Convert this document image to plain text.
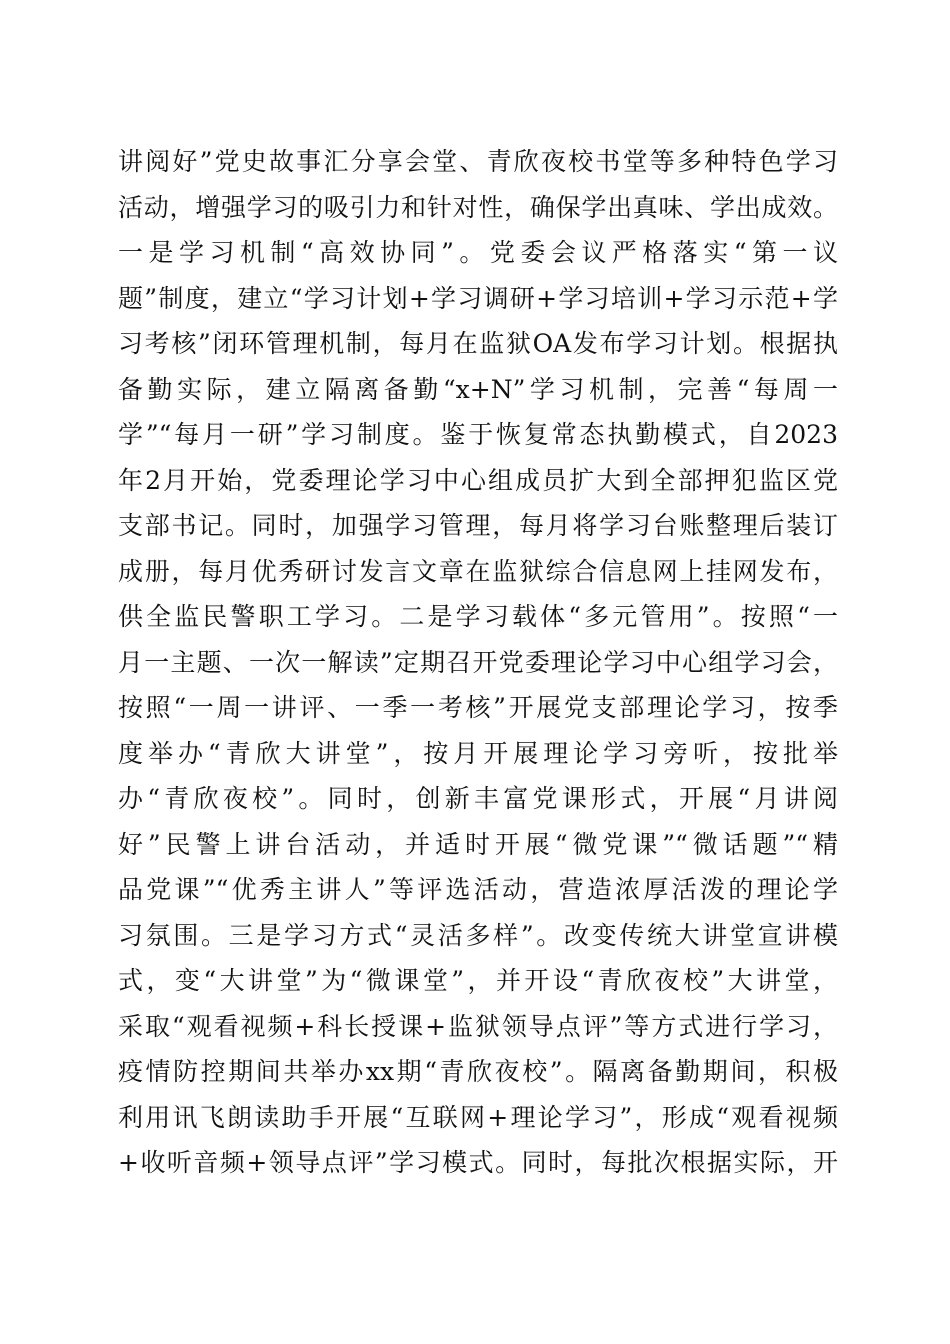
讲阅好”党史故事汇分享会堂、青欣夜校书堂等多种特色学习
活动，增强学习的吸引力和针对性，确保学出真味、学出成效。
一是学习机制“高效协同”。党委会议严格落实“第一议
题”制度，建立“学习计划+学习调研+学习培训+学习示范+学
习考核”闭环管理机制，每月在监狱OA发布学习计划。根据执
备勤实际，建立隔离备勤“x+N”学习机制，完善“每周一
学”“每月一研”学习制度。鉴于恢复常态执勤模式，自2023
年2月开始，党委理论学习中心组成员扩大到全部押犯监区党
支部书记。同时，加强学习管理，每月将学习台账整理后装订
成册，每月优秀研讨发言文章在监狱综合信息网上挂网发布，
供全监民警职工学习。二是学习载体“多元管用”。按照“一
月一主题、一次一解读”定期召开党委理论学习中心组学习会，
按照“一周一讲评、一季一考核”开展党支部理论学习，按季
度举办“青欣大讲堂”，按月开展理论学习旁听，按批举
办“青欣夜校”。同时，创新丰富党课形式，开展“月讲阅
好”民警上讲台活动，并适时开展“微党课”“微话题”“精
品党课”“优秀主讲人”等评选活动，营造浓厚活泼的理论学
习氛围。三是学习方式“灵活多样”。改变传统大讲堂宣讲模
式，变“大讲堂”为“微课堂”，并开设“青欣夜校”大讲堂，
采取“观看视频+科长授课+监狱领导点评”等方式进行学习，
疫情防控期间共举办xx期“青欣夜校”。隔离备勤期间，积极
利用讯飞朗读助手开展“互联网+理论学习”，形成“观看视频
+收听音频+领导点评”学习模式。同时，每批次根据实际，开
